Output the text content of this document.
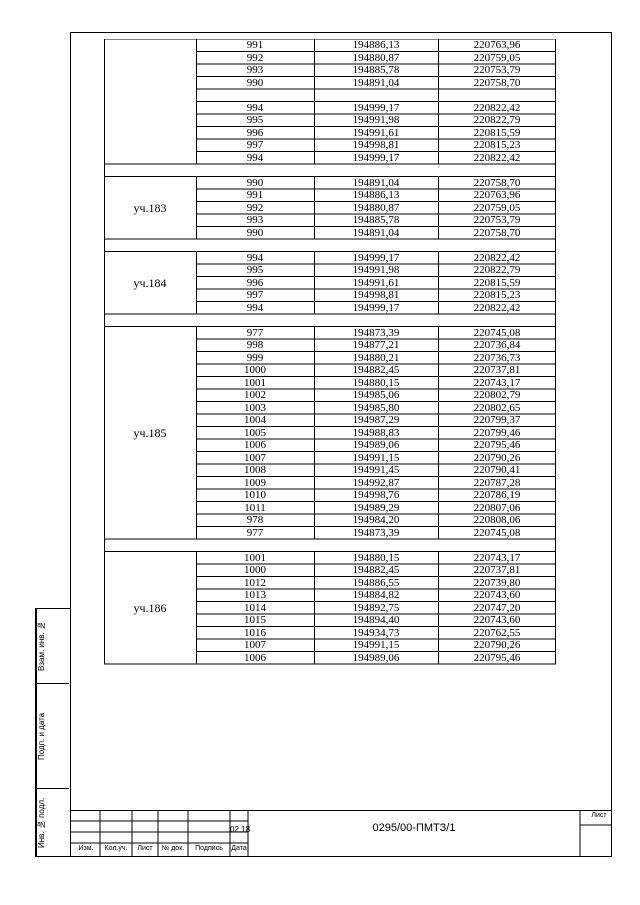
Взам. инв. №
Подп. и дата
Инв. № подл.
991	194886,13	220763,96
992	194880,87	220759,05
993	194885,78	220753,79
990	194891,04	220758,70
994	194999,17	220822,42
995	194991,98	220822,79
996	194991,61	220815,59
997	194998,81	220815,23
994	194999,17	220822,42
990	194891,04	220758,70
991	194886,13	220763,96
992	194880,87	220759,05
993	194885,78	220753,79
990	194891,04	220758,70
уч.183
994	194999,17	220822,42
995	194991,98	220822,79
996	194991,61	220815,59
997	194998,81	220815,23
994	194999,17	220822,42
уч.184
977	194873,39	220745,08
998	194877,21	220736,84
999	194880,21	220736,73
1000	194882,45	220737,81
1001	194880,15	220743,17
1002	194985,06	220802,79
1003	194985,80	220802,65
1004	194987,29	220799,37
1005	194988,83	220799,46
1006	194989,06	220795,46
1007	194991,15	220790,26
1008	194991,45	220790,41
1009	194992,87	220787,28
1010	194998,76	220786,19
1011	194989,29	220807,06
978	194984,20	220808,06
977	194873,39	220745,08
уч.185
1001	194880,15	220743,17
1000	194882,45	220737,81
1012	194886,55	220739,80
1013	194884,82	220743,60
1014	194892,75	220747,20
1015	194894,40	220743,60
1016	194934,73	220762,55
1007	194991,15	220790,26
1006	194989,06	220795,46
уч.186
02.18	0295/00-ПМТЗ/1
Лист
Изм.	Кол.уч.	Лист	№ док.	Подпись	Дата
